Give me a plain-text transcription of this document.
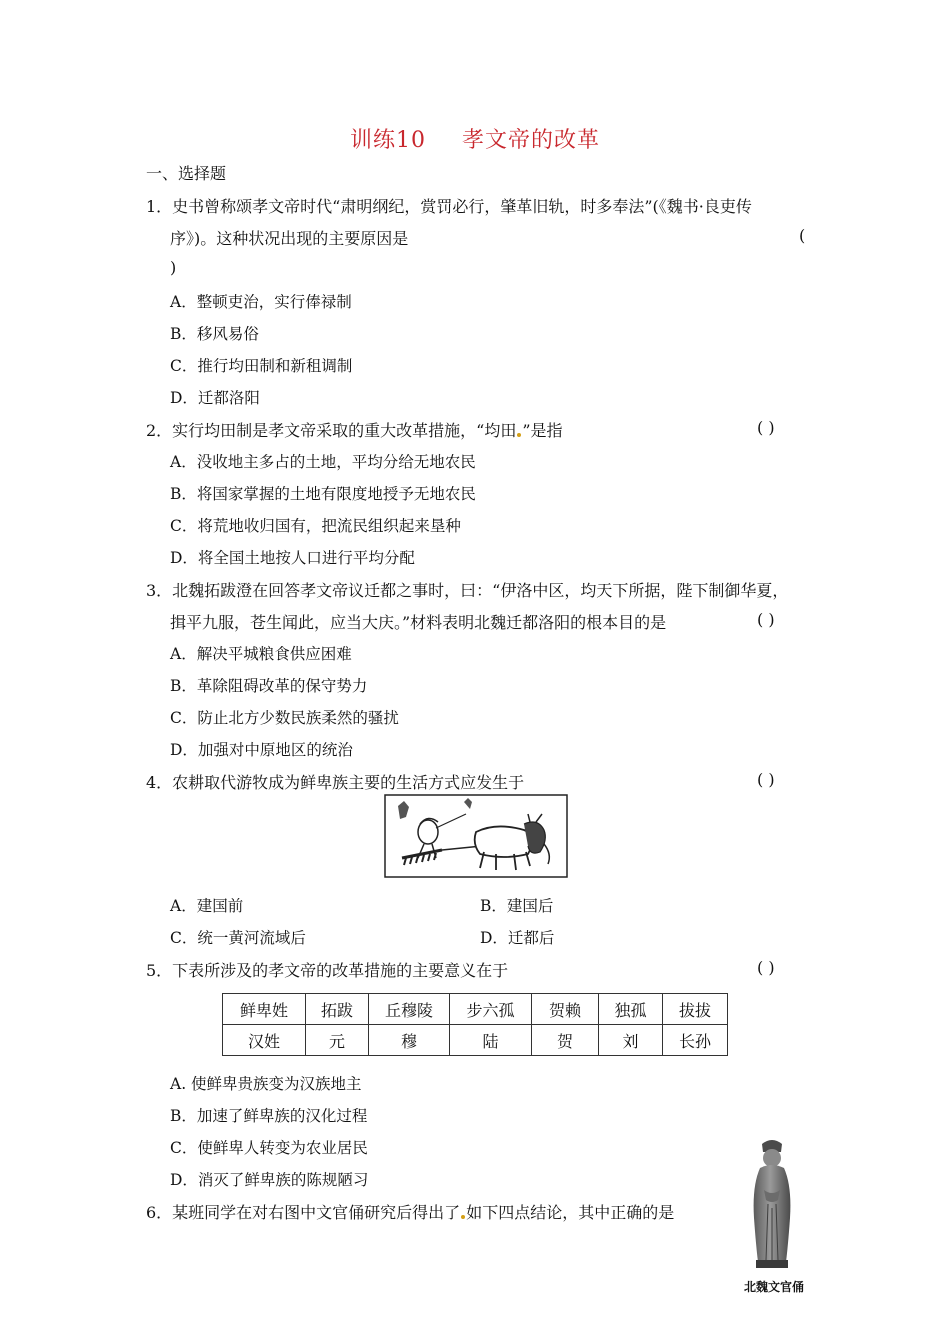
训练10 孝文帝的改革
一、选择题
1．史书曾称颂孝文帝时代“肃明纲纪，赏罚必行，肇革旧轨，时多奉法”(《魏书·良吏传
序》)。这种状况出现的主要原因是	(
)
A．整顿吏治，实行俸禄制
B．移风易俗
C．推行均田制和新租调制
D．迁都洛阳
2．实行均田制是孝文帝采取的重大改革措施，“均田 ”是指	( )
A．没收地主多占的土地，平均分给无地农民
B．将国家掌握的土地有限度地授予无地农民
C．将荒地收归国有，把流民组织起来垦种
D．将全国土地按人口进行平均分配
3．北魏拓跋澄在回答孝文帝议迁都之事时，曰：“伊洛中区，均天下所据，陛下制御华夏，
揖平九服，苍生闻此，应当大庆。”材料表明北魏迁都洛阳的根本目的是	( )
A．解决平城粮食供应困难
B．革除阻碍改革的保守势力
C．防止北方少数民族柔然的骚扰
D．加强对中原地区的统治
4．农耕取代游牧成为鲜卑族主要的生活方式应发生于	( )
A．建国前	B．建国后
C．统一黄河流域后	D．迁都后
5．下表所涉及的孝文帝的改革措施的主要意义在于	( )
鲜卑姓	拓跋	丘穆陵	步六孤	贺赖	独孤	拔拔
汉姓	元	穆	陆	贺	刘	长孙
A. 使鲜卑贵族变为汉族地主
B．加速了鲜卑族的汉化过程
C．使鲜卑人转变为农业居民
D．消灭了鲜卑族的陈规陋习
6．某班同学在对右图中文官俑研究后得出了 如下四点结论，其中正确的是
北魏文官俑
